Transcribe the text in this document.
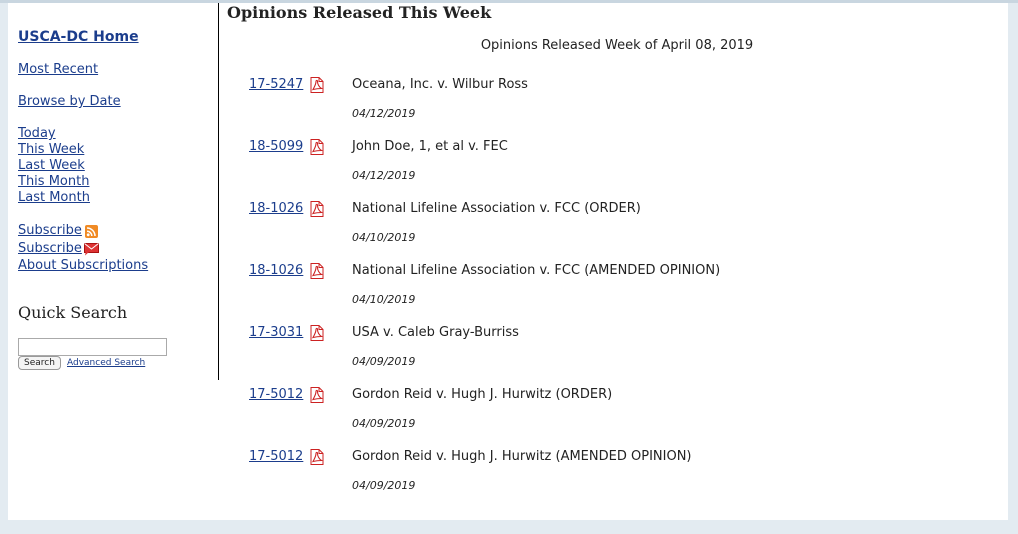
USCA-DC Home
Most Recent
Browse by Date
Today
This Week
Last Week
This Month
Last Month
Subscribe
Subscribe
About Subscriptions
Quick Search
Search	Advanced Search
Opinions Released This Week
Opinions Released Week of April 08, 2019
17-5247	Oceana, Inc. v. Wilbur Ross
04/12/2019
18-5099	John Doe, 1, et al v. FEC
04/12/2019
18-1026	National Lifeline Association v. FCC (ORDER)
04/10/2019
18-1026	National Lifeline Association v. FCC (AMENDED OPINION)
04/10/2019
17-3031	USA v. Caleb Gray-Burriss
04/09/2019
17-5012	Gordon Reid v. Hugh J. Hurwitz (ORDER)
04/09/2019
17-5012	Gordon Reid v. Hugh J. Hurwitz (AMENDED OPINION)
04/09/2019
